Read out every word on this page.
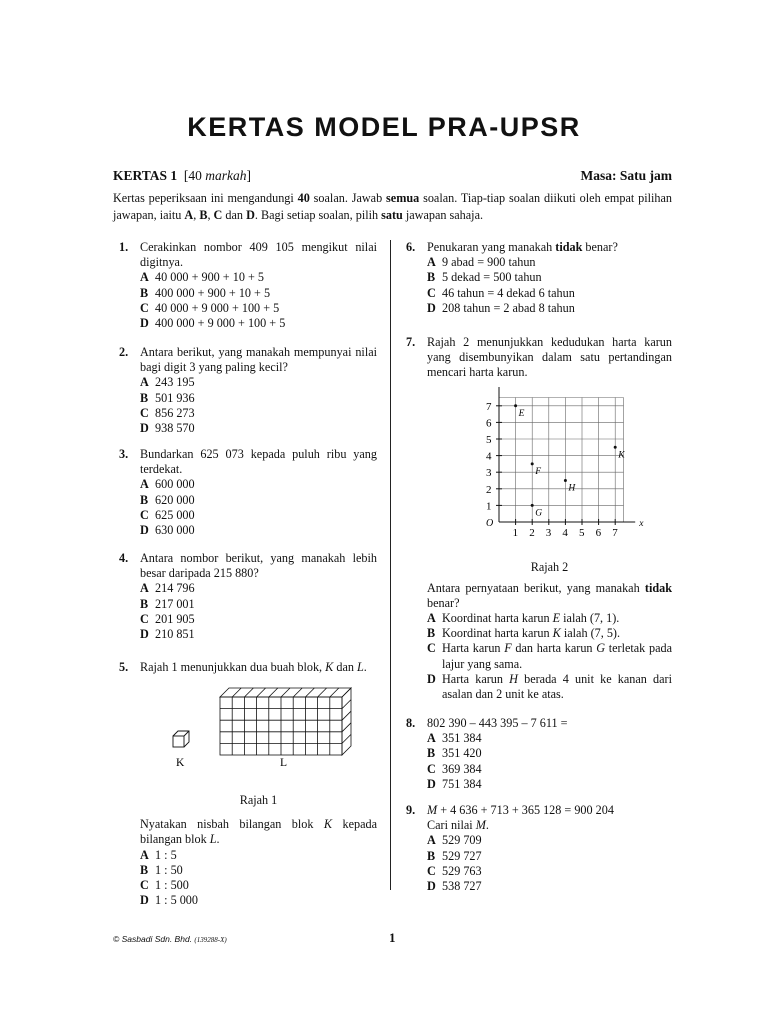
KERTAS MODEL PRA-UPSR
KERTAS 1 [40 markah]	Masa: Satu jam
Kertas peperiksaan ini mengandungi 40 soalan. Jawab semua soalan. Tiap-tiap soalan diikuti oleh empat pilihan jawapan, iaitu A, B, C dan D. Bagi setiap soalan, pilih satu jawapan sahaja.
1. Cerakinkan nombor 409 105 mengikut nilai digitnya.
A 40 000 + 900 + 10 + 5
B 400 000 + 900 + 10 + 5
C 40 000 + 9 000 + 100 + 5
D 400 000 + 9 000 + 100 + 5
2. Antara berikut, yang manakah mempunyai nilai bagi digit 3 yang paling kecil?
A 243 195
B 501 936
C 856 273
D 938 570
3. Bundarkan 625 073 kepada puluh ribu yang terdekat.
A 600 000
B 620 000
C 625 000
D 630 000
4. Antara nombor berikut, yang manakah lebih besar daripada 215 880?
A 214 796
B 217 001
C 201 905
D 210 851
5. Rajah 1 menunjukkan dua buah blok, K dan L.
K	L
Rajah 1
Nyatakan nisbah bilangan blok K kepada bilangan blok L.
A 1 : 5
B 1 : 50
C 1 : 500
D 1 : 5 000
6. Penukaran yang manakah tidak benar?
A 9 abad = 900 tahun
B 5 dekad = 500 tahun
C 46 tahun = 4 dekad 6 tahun
D 208 tahun = 2 abad 8 tahun
7. Rajah 2 menunjukkan kedudukan harta karun yang disembunyikan dalam satu pertandingan mencari harta karun.
x
O
1 2 3 4 5 6 7
1
2
3
4
5
6
7
E
K
F
H
G
Rajah 2
Antara pernyataan berikut, yang manakah tidak benar?
A Koordinat harta karun E ialah (7, 1).
B Koordinat harta karun K ialah (7, 5).
C Harta karun F dan harta karun G terletak pada lajur yang sama.
D Harta karun H berada 4 unit ke kanan dari asalan dan 2 unit ke atas.
8. 802 390 – 443 395 – 7 611 =
A 351 384
B 351 420
C 369 384
D 751 384
9. M + 4 636 + 713 + 365 128 = 900 204
Cari nilai M.
A 529 709
B 529 727
C 529 763
D 538 727
© Sasbadi Sdn. Bhd. (139288-X)	1
